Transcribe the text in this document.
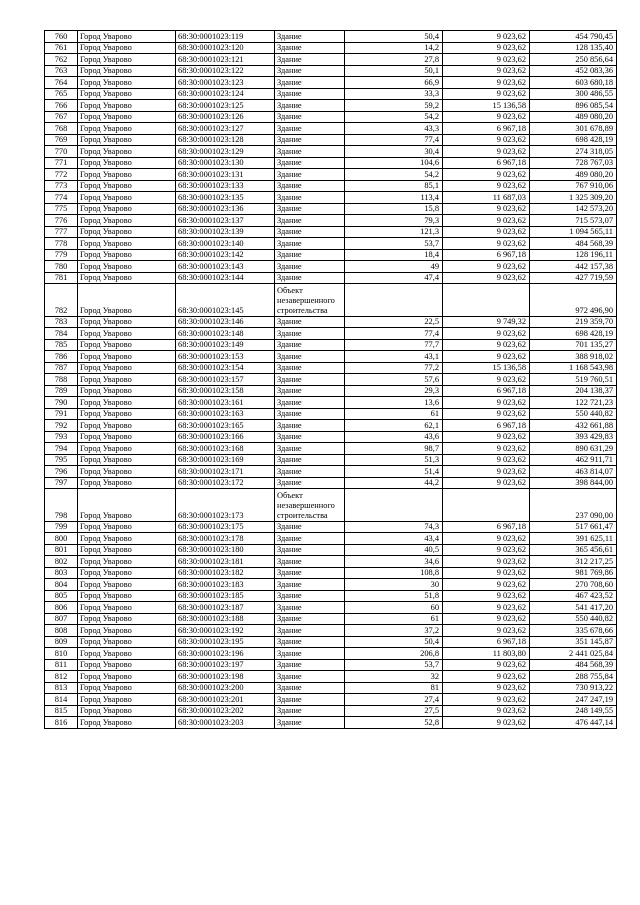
760	Город Уварово	68:30:0001023:119	Здание	50,4	9 023,62	454 790,45
761	Город Уварово	68:30:0001023:120	Здание	14,2	9 023,62	128 135,40
762	Город Уварово	68:30:0001023:121	Здание	27,8	9 023,62	250 856,64
763	Город Уварово	68:30:0001023:122	Здание	50,1	9 023,62	452 083,36
764	Город Уварово	68:30:0001023:123	Здание	66,9	9 023,62	603 680,18
765	Город Уварово	68:30:0001023:124	Здание	33,3	9 023,62	300 486,55
766	Город Уварово	68:30:0001023:125	Здание	59,2	15 136,58	896 085,54
767	Город Уварово	68:30:0001023:126	Здание	54,2	9 023,62	489 080,20
768	Город Уварово	68:30:0001023:127	Здание	43,3	6 967,18	301 678,89
769	Город Уварово	68:30:0001023:128	Здание	77,4	9 023,62	698 428,19
770	Город Уварово	68:30:0001023:129	Здание	30,4	9 023,62	274 318,05
771	Город Уварово	68:30:0001023:130	Здание	104,6	6 967,18	728 767,03
772	Город Уварово	68:30:0001023:131	Здание	54,2	9 023,62	489 080,20
773	Город Уварово	68:30:0001023:133	Здание	85,1	9 023,62	767 910,06
774	Город Уварово	68:30:0001023:135	Здание	113,4	11 687,03	1 325 309,20
775	Город Уварово	68:30:0001023:136	Здание	15,8	9 023,62	142 573,20
776	Город Уварово	68:30:0001023:137	Здание	79,3	9 023,62	715 573,07
777	Город Уварово	68:30:0001023:139	Здание	121,3	9 023,62	1 094 565,11
778	Город Уварово	68:30:0001023:140	Здание	53,7	9 023,62	484 568,39
779	Город Уварово	68:30:0001023:142	Здание	18,4	6 967,18	128 196,11
780	Город Уварово	68:30:0001023:143	Здание	49	9 023,62	442 157,38
781	Город Уварово	68:30:0001023:144	Здание	47,4	9 023,62	427 719,59
782	Город Уварово	68:30:0001023:145	Объект незавершенного строительства			972 496,90
783	Город Уварово	68:30:0001023:146	Здание	22,5	9 749,32	219 359,70
784	Город Уварово	68:30:0001023:148	Здание	77,4	9 023,62	698 428,19
785	Город Уварово	68:30:0001023:149	Здание	77,7	9 023,62	701 135,27
786	Город Уварово	68:30:0001023:153	Здание	43,1	9 023,62	388 918,02
787	Город Уварово	68:30:0001023:154	Здание	77,2	15 136,58	1 168 543,98
788	Город Уварово	68:30:0001023:157	Здание	57,6	9 023,62	519 760,51
789	Город Уварово	68:30:0001023:158	Здание	29,3	6 967,18	204 138,37
790	Город Уварово	68:30:0001023:161	Здание	13,6	9 023,62	122 721,23
791	Город Уварово	68:30:0001023:163	Здание	61	9 023,62	550 440,82
792	Город Уварово	68:30:0001023:165	Здание	62,1	6 967,18	432 661,88
793	Город Уварово	68:30:0001023:166	Здание	43,6	9 023,62	393 429,83
794	Город Уварово	68:30:0001023:168	Здание	98,7	9 023,62	890 631,29
795	Город Уварово	68:30:0001023:169	Здание	51,3	9 023,62	462 911,71
796	Город Уварово	68:30:0001023:171	Здание	51,4	9 023,62	463 814,07
797	Город Уварово	68:30:0001023:172	Здание	44,2	9 023,62	398 844,00
798	Город Уварово	68:30:0001023:173	Объект незавершенного строительства			237 090,00
799	Город Уварово	68:30:0001023:175	Здание	74,3	6 967,18	517 661,47
800	Город Уварово	68:30:0001023:178	Здание	43,4	9 023,62	391 625,11
801	Город Уварово	68:30:0001023:180	Здание	40,5	9 023,62	365 456,61
802	Город Уварово	68:30:0001023:181	Здание	34,6	9 023,62	312 217,25
803	Город Уварово	68:30:0001023:182	Здание	108,8	9 023,62	981 769,86
804	Город Уварово	68:30:0001023:183	Здание	30	9 023,62	270 708,60
805	Город Уварово	68:30:0001023:185	Здание	51,8	9 023,62	467 423,52
806	Город Уварово	68:30:0001023:187	Здание	60	9 023,62	541 417,20
807	Город Уварово	68:30:0001023:188	Здание	61	9 023,62	550 440,82
808	Город Уварово	68:30:0001023:192	Здание	37,2	9 023,62	335 678,66
809	Город Уварово	68:30:0001023:195	Здание	50,4	6 967,18	351 145,87
810	Город Уварово	68:30:0001023:196	Здание	206,8	11 803,80	2 441 025,84
811	Город Уварово	68:30:0001023:197	Здание	53,7	9 023,62	484 568,39
812	Город Уварово	68:30:0001023:198	Здание	32	9 023,62	288 755,84
813	Город Уварово	68:30:0001023:200	Здание	81	9 023,62	730 913,22
814	Город Уварово	68:30:0001023:201	Здание	27,4	9 023,62	247 247,19
815	Город Уварово	68:30:0001023:202	Здание	27,5	9 023,62	248 149,55
816	Город Уварово	68:30:0001023:203	Здание	52,8	9 023,62	476 447,14
